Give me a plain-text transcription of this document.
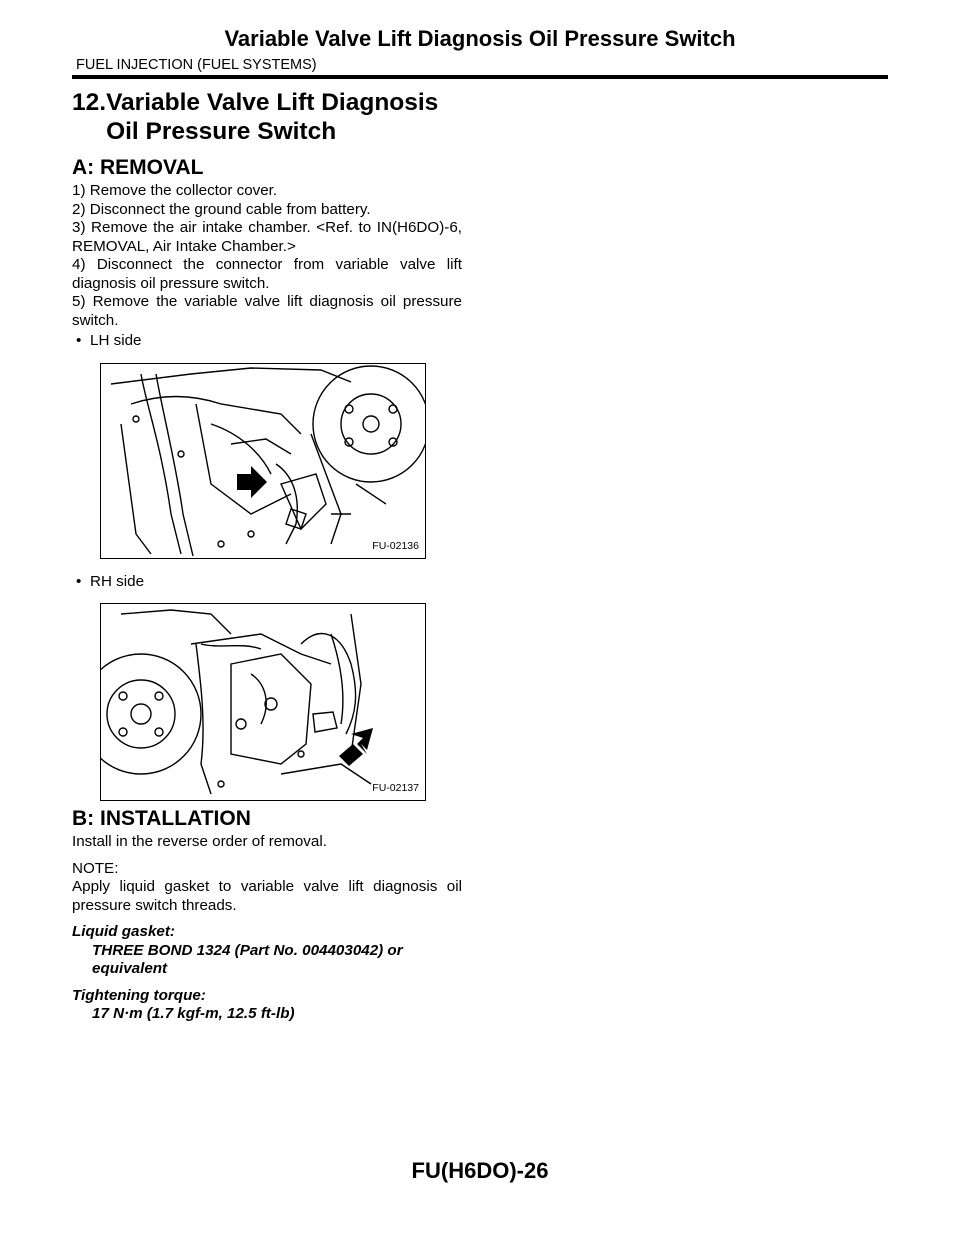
Variable Valve Lift Diagnosis Oil Pressure Switch
FUEL INJECTION (FUEL SYSTEMS)
12. Variable Valve Lift Diagnosis
Oil Pressure Switch
A: REMOVAL

1) Remove the collector cover.

2) Disconnect the ground cable from battery.

3) Remove the air intake chamber. <Ref. to IN(H6DO)-6, REMOVAL, Air Intake Chamber.>

4) Disconnect the connector from variable valve lift diagnosis oil pressure switch.

5) Remove the variable valve lift diagnosis oil pressure switch.

• LH side
FU-02136
• RH side
FU-02137
B: INSTALLATION

Install in the reverse order of removal.

NOTE:

Apply liquid gasket to variable valve lift diagnosis oil pressure switch threads.

Liquid gasket:
THREE BOND 1324 (Part No. 004403042) or
equivalent
Tightening torque:
17 N·m (1.7 kgf-m, 12.5 ft-lb)
FU(H6DO)-26
